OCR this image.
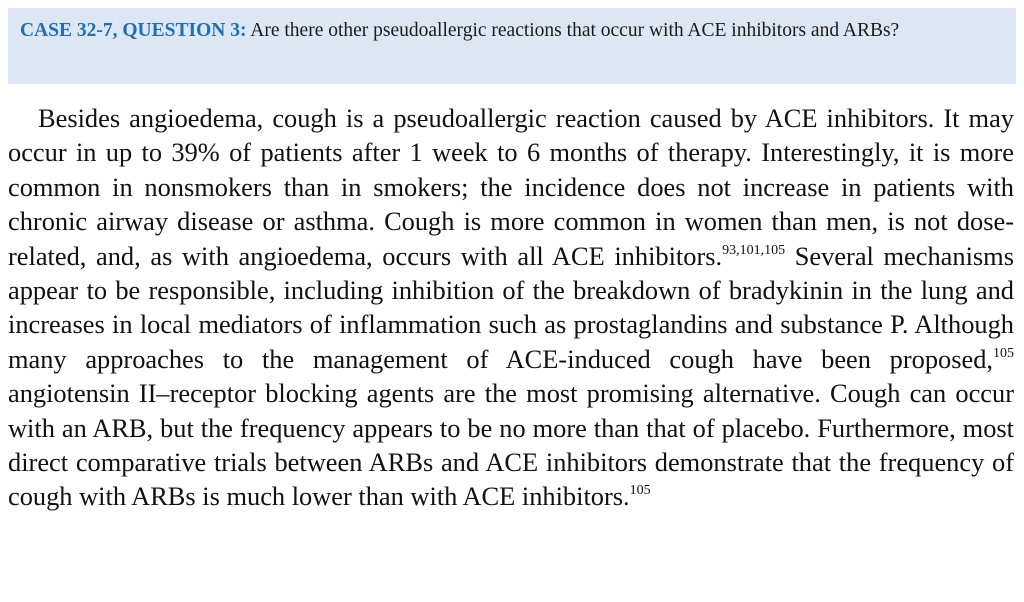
CASE 32-7, QUESTION 3: Are there other pseudoallergic reactions that occur with ACE inhibitors and ARBs?

Besides angioedema, cough is a pseudoallergic reaction caused by ACE inhibitors. It may occur in up to 39% of patients after 1 week to 6 months of therapy. Interestingly, it is more common in nonsmokers than in smokers; the incidence does not increase in patients with chronic airway disease or asthma. Cough is more common in women than men, is not dose-related, and, as with angioedema, occurs with all ACE inhibitors.$^{93,101,105}$ Several mechanisms appear to be responsible, including inhibition of the breakdown of bradykinin in the lung and increases in local mediators of inflammation such as prostaglandins and substance P. Although many approaches to the management of ACE-induced cough have been proposed,$^{105}$ angiotensin II–receptor blocking agents are the most promising alternative. Cough can occur with an ARB, but the frequency appears to be no more than that of placebo. Furthermore, most direct comparative trials between ARBs and ACE inhibitors demonstrate that the frequency of cough with ARBs is much lower than with ACE inhibitors.$^{105}$
